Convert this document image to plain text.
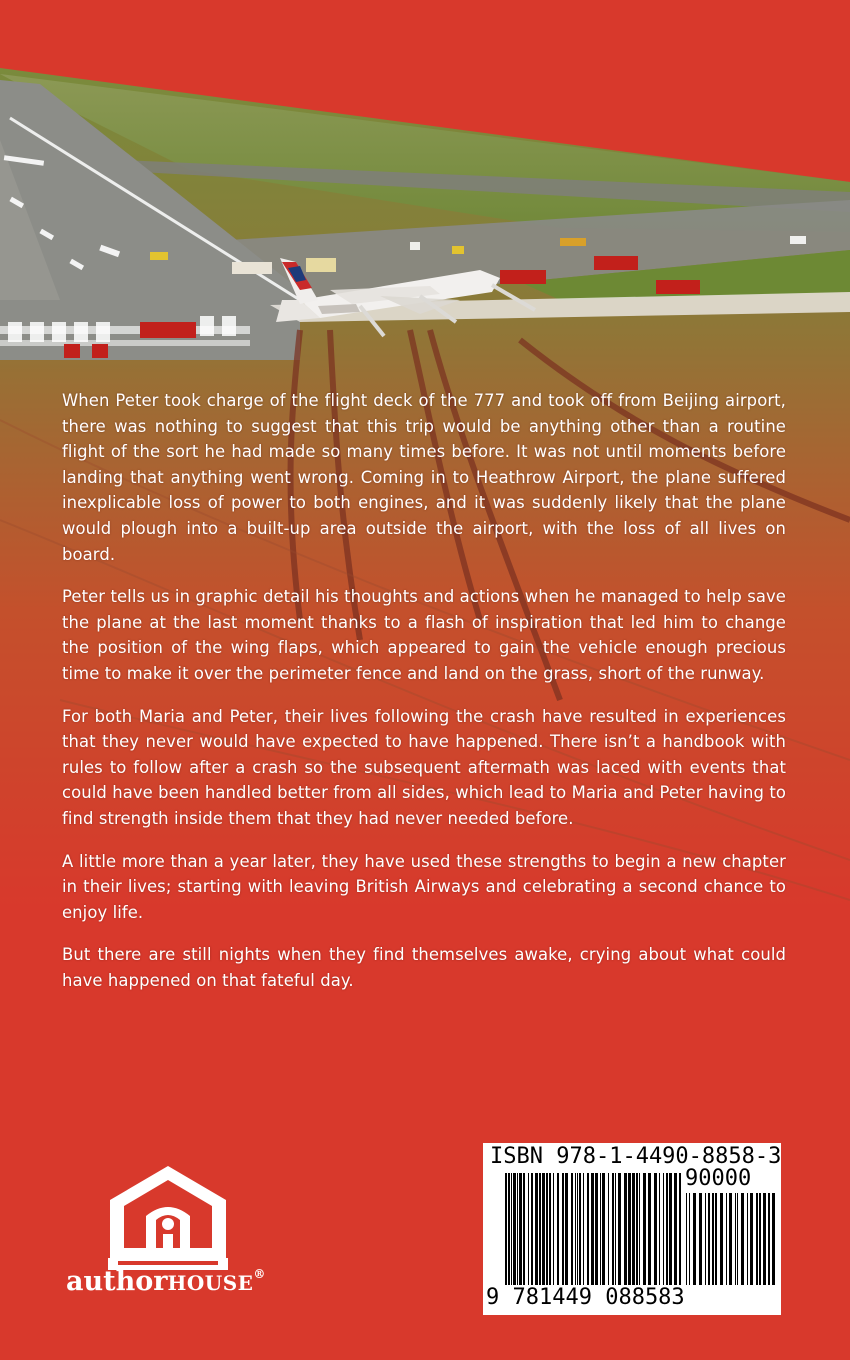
When Peter took charge of the flight deck of the 777 and took off from Beijing airport, there was nothing to suggest that this trip would be anything other than a routine flight of the sort he had made so many times before. It was not until moments before landing that anything went wrong. Coming in to Heathrow Airport, the plane suffered inexplicable loss of power to both engines, and it was suddenly likely that the plane would plough into a built-up area outside the airport, with the loss of all lives on board.

Peter tells us in graphic detail his thoughts and actions when he managed to help save the plane at the last moment thanks to a flash of inspiration that led him to change the position of the wing flaps, which appeared to gain the vehicle enough precious time to make it over the perimeter fence and land on the grass, short of the runway.

For both Maria and Peter, their lives following the crash have resulted in experiences that they never would have expected to have happened. There isn’t a handbook with rules to follow after a crash so the subsequent aftermath was laced with events that could have been handled better from all sides, which lead to Maria and Peter having to find strength inside them that they had never needed before.

A little more than a year later, they have used these strengths to begin a new chapter in their lives; starting with leaving British Airways and celebrating a second chance to enjoy life.

But there are still nights when they find themselves awake, crying about what could have happened on that fateful day.

authorHOUSE®
ISBN 978-1-4490-8858-3
90000
9 781449 088583
